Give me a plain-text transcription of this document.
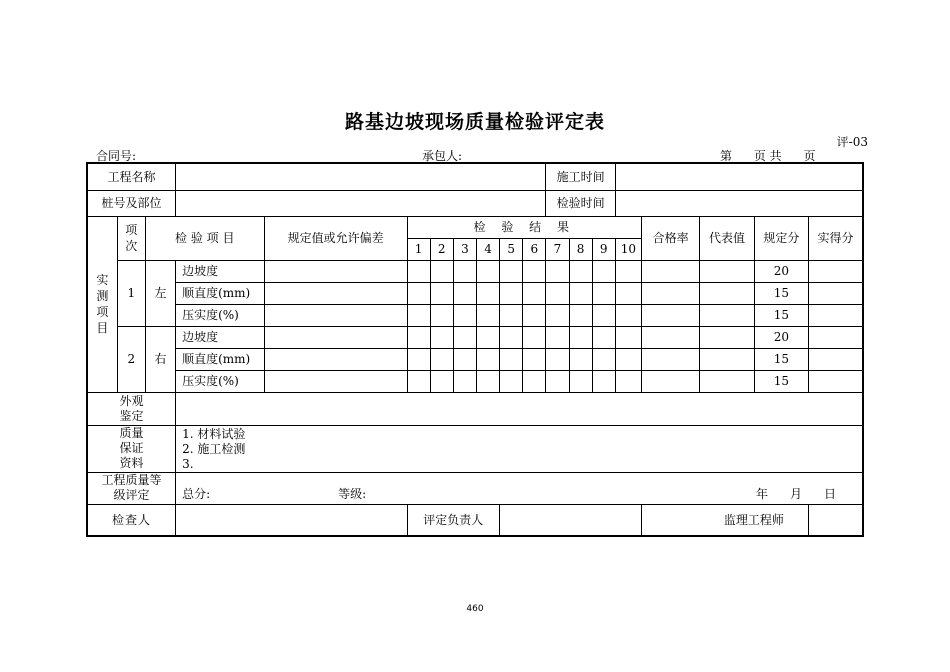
路基边坡现场质量检验评定表
评-03
合同号:	承包人:	第 页 共 页
工程名称											施工时间							
桩号及部位											检验时间							

实测项目	项次	检 验 项 目		规定值或允许偏差	检 验 结 果										合格率	代表值	规定分	实得分
					1	2	3	4	5	6	7	8	9	10				
	1	左	边坡度														20	
			顺直度(mm)														15	
			压实度(%)														15	
	2	右	边坡度														20	
			顺直度(mm)														15	
			压实度(%)														15	

外观鉴定																		

质量保证资料			1. 材料试验
2. 施工检测
3.															

工程质量等级评定			总分: 等级: 年 月 日															

检查人					评定负责人											监理工程师		
460
